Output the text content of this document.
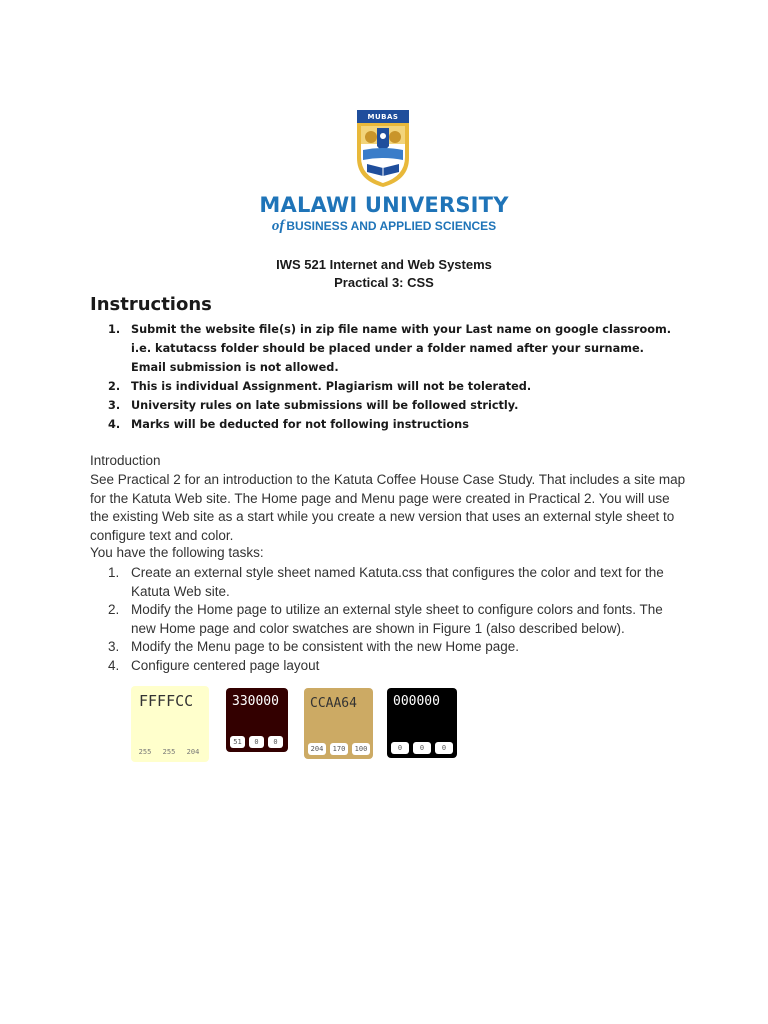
MUBAS
MALAWI UNIVERSITY
of BUSINESS AND APPLIED SCIENCES
IWS 521 Internet and Web Systems
Practical 3: CSS
Instructions
1. Submit the website file(s) in zip file name with your Last name on google classroom. i.e. katutacss folder should be placed under a folder named after your surname. Email submission is not allowed.
2. This is individual Assignment. Plagiarism will not be tolerated.
3. University rules on late submissions will be followed strictly.
4. Marks will be deducted for not following instructions
Introduction
See Practical 2 for an introduction to the Katuta Coffee House Case Study. That includes a site map for the Katuta Web site. The Home page and Menu page were created in Practical 2. You will use the existing Web site as a start while you create a new version that uses an external style sheet to configure text and color.
You have the following tasks:
1. Create an external style sheet named Katuta.css that configures the color and text for the Katuta Web site.
2. Modify the Home page to utilize an external style sheet to configure colors and fonts. The new Home page and color swatches are shown in Figure 1 (also described below).
3. Modify the Menu page to be consistent with the new Home page.
4. Configure centered page layout
FFFFCC
255	255	204
330000
51	0	0
CCAA64
204	170	100
000000
0	0	0
